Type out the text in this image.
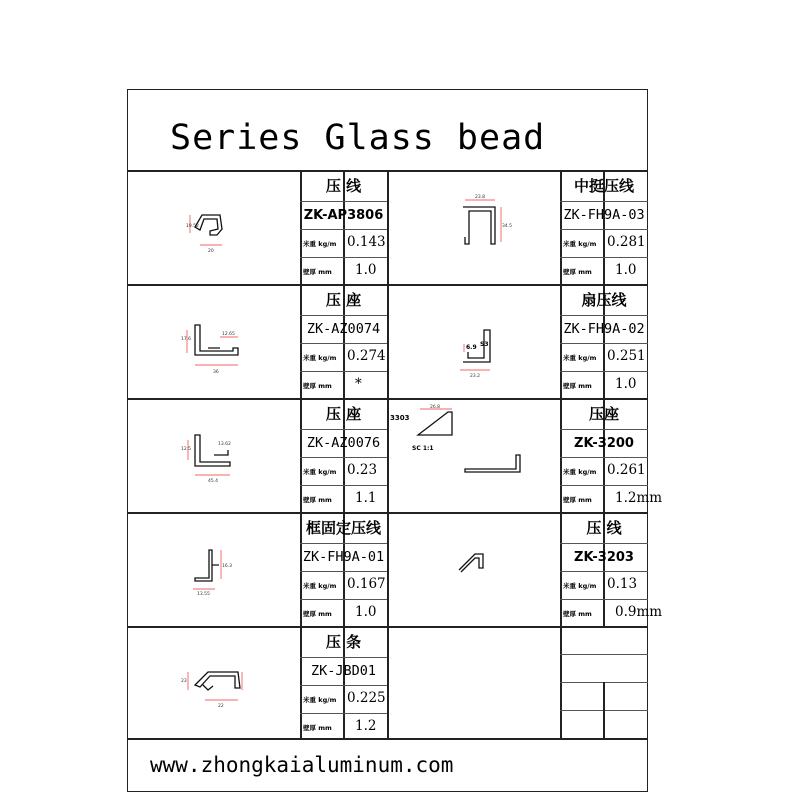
Series Glass bead
压 线
ZK-AP3806
米重 kg/m
壁厚 mm
0.143
1.0
压 座
ZK-AZ0074
米重 kg/m
壁厚 mm
0.274
*
压 座
ZK-AZ0076
米重 kg/m
壁厚 mm
0.23
1.1
框固定压线
ZK-FH9A-01
米重 kg/m
壁厚 mm
0.167
1.0
压 条
ZK-JBD01
米重 kg/m
壁厚 mm
0.225
1.2
中挺压线
ZK-FH9A-03
米重 kg/m
壁厚 mm
0.281
1.0
扇压线
ZK-FH9A-02
米重 kg/m
壁厚 mm
0.251
1.0
压座
ZK-3200
米重 kg/m
壁厚 mm
0.261
1.2mm
压 线
ZK-3203
米重 kg/m
壁厚 mm
0.13
0.9mm
19.52
20
12.65
17.6
36
13.62
45.4
12.5
16.3
13.55
23
22
23.8
34.5
6.9 S3
23.2
3303
26.8
SC 1:1
www.zhongkaialuminum.com
